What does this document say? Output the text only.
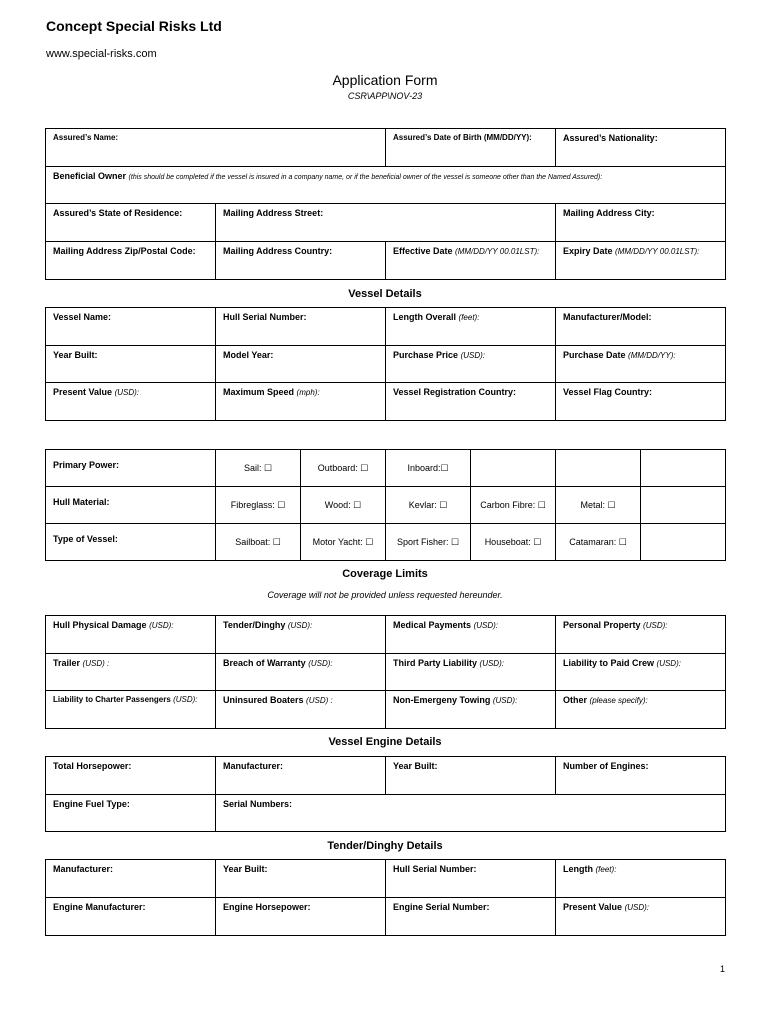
Concept Special Risks Ltd
www.special-risks.com
Application Form
CSR\APP\NOV-23
Assured’s Name:	Assured’s Date of Birth (MM/DD/YY):	Assured’s Nationality:
Beneficial Owner (this should be completed if the vessel is insured in a company name, or if the beneficial owner of the vessel is someone other than the Named Assured):
Assured’s State of Residence:	Mailing Address Street:		Mailing Address City:
Mailing Address Zip/Postal Code:	Mailing Address Country:	Effective Date (MM/DD/YY 00.01LST):	Expiry Date (MM/DD/YY 00.01LST):
Vessel Details
Vessel Name:	Hull Serial Number:	Length Overall (feet):	Manufacturer/Model:
Year Built:	Model Year:	Purchase Price (USD):	Purchase Date (MM/DD/YY):
Present Value (USD):	Maximum Speed (mph):	Vessel Registration Country:	Vessel Flag Country:
Primary Power:	Sail: ☐	Outboard: ☐	Inboard:☐			
Hull Material:	Fibreglass: ☐	Wood: ☐	Kevlar: ☐	Carbon Fibre: ☐	Metal: ☐	
Type of Vessel:	Sailboat: ☐	Motor Yacht: ☐	Sport Fisher: ☐	Houseboat: ☐	Catamaran: ☐	
Coverage Limits
Coverage will not be provided unless requested hereunder.
Hull Physical Damage (USD):	Tender/Dinghy (USD):	Medical Payments (USD):	Personal Property (USD):
Trailer (USD) :	Breach of Warranty (USD):	Third Party Liability (USD):	Liability to Paid Crew (USD):
Liability to Charter Passengers (USD):	Uninsured Boaters (USD) :	Non-Emergeny Towing (USD):	Other (please specify):
Vessel Engine Details
Total Horsepower:	Manufacturer:	Year Built:	Number of Engines:
Engine Fuel Type:	Serial Numbers:		
Tender/Dinghy Details
Manufacturer:	Year Built:	Hull Serial Number:	Length (feet):
Engine Manufacturer:	Engine Horsepower:	Engine Serial Number:	Present Value (USD):
1
